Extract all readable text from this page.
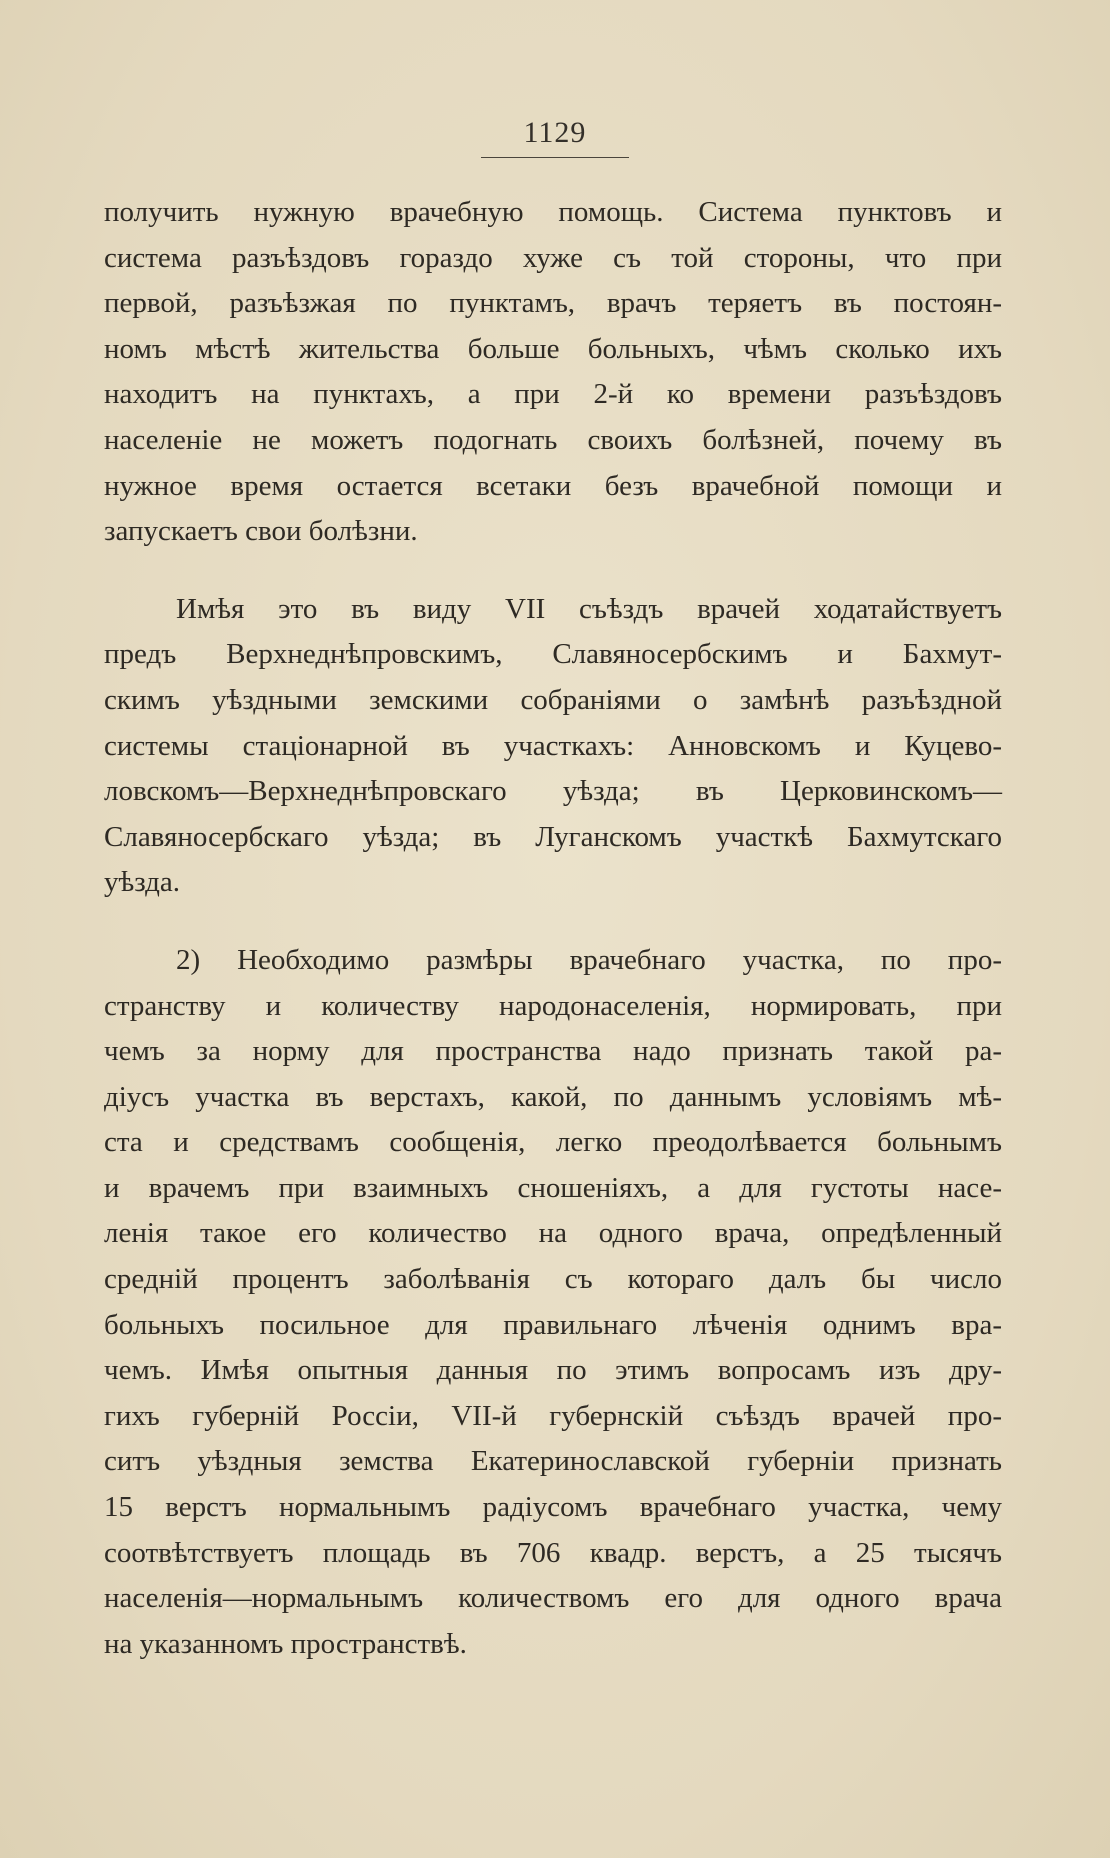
1129
получить нужную врачебную помощь. Система пунктовъ и
система разъѣздовъ гораздо хуже съ той стороны, что при
первой, разъѣзжая по пунктамъ, врачъ теряетъ въ постоян-
номъ мѣстѣ жительства больше больныхъ, чѣмъ сколько ихъ
находитъ на пунктахъ, а при 2-й ко времени разъѣздовъ
населеніе не можетъ подогнать своихъ болѣзней, почему въ
нужное время остается всетаки безъ врачебной помощи и
запускаетъ свои болѣзни.
Имѣя это въ виду VII съѣздъ врачей ходатайствуетъ
предъ Верхнеднѣпровскимъ, Славяносербскимъ и Бахмут-
скимъ уѣздными земскими собраніями о замѣнѣ разъѣздной
системы стаціонарной въ участкахъ: Анновскомъ и Куцево-
ловскомъ—Верхнеднѣпровскаго уѣзда; въ Церковинскомъ—
Славяносербскаго уѣзда; въ Луганскомъ участкѣ Бахмутскаго
уѣзда.
2) Необходимо размѣры врачебнаго участка, по про-
странству и количеству народонаселенія, нормировать, при
чемъ за норму для пространства надо признать такой ра-
діусъ участка въ верстахъ, какой, по даннымъ условіямъ мѣ-
ста и средствамъ сообщенія, легко преодолѣвается больнымъ
и врачемъ при взаимныхъ сношеніяхъ, а для густоты насе-
ленія такое его количество на одного врача, опредѣленный
среднiй процентъ заболѣванія съ котораго далъ бы число
больныхъ посильное для правильнаго лѣченія однимъ вра-
чемъ. Имѣя опытныя данныя по этимъ вопросамъ изъ дру-
гихъ губерній Россіи, VII-й губернскій съѣздъ врачей про-
ситъ уѣздныя земства Екатеринославской губерніи признать
15 верстъ нормальнымъ радіусомъ врачебнаго участка, чему
соотвѣтствуетъ площадь въ 706 квадр. верстъ, а 25 тысячъ
населенія—нормальнымъ количествомъ его для одного врача
на указанномъ пространствѣ.
